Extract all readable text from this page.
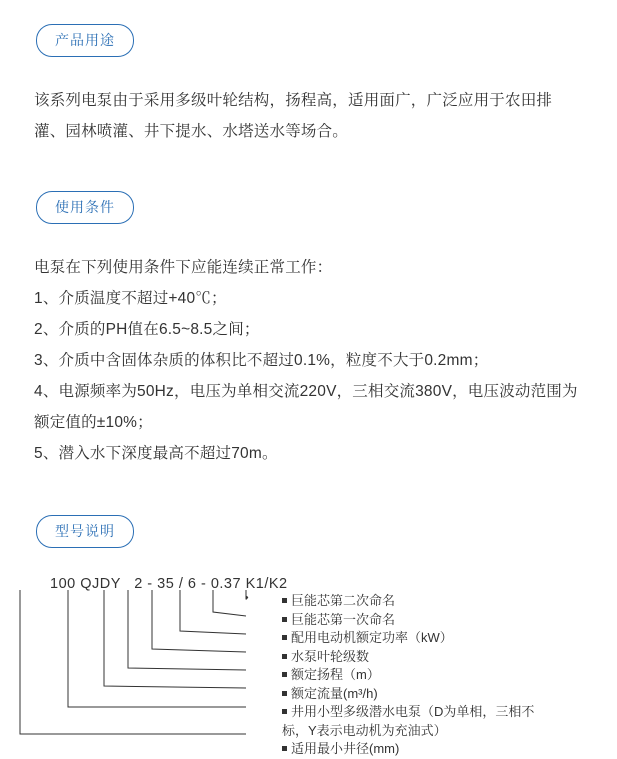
产品用途

该系列电泵由于采用多级叶轮结构，扬程高，适用面广，广泛应用于农田排灌、园林喷灌、井下提水、水塔送水等场合。

使用条件

电泵在下列使用条件下应能连续正常工作：

1、介质温度不超过+40℃；

2、介质的PH值在6.5~8.5之间；

3、介质中含固体杂质的体积比不超过0.1%，粒度不大于0.2mm；

4、电源频率为50Hz，电压为单相交流220V，三相交流380V，电压波动范围为额定值的±10%；

5、潜入水下深度最高不超过70m。

型号说明
100 QJDY   2 - 35 / 6 - 0.37 K1/K2
巨能芯第二次命名
巨能芯第一次命名
配用电动机额定功率（kW）
水泵叶轮级数
额定扬程（m）
额定流量(m³/h)
井用小型多级潜水电泵（D为单相，三相不标，Y表示电动机为充油式）
适用最小井径(mm)
